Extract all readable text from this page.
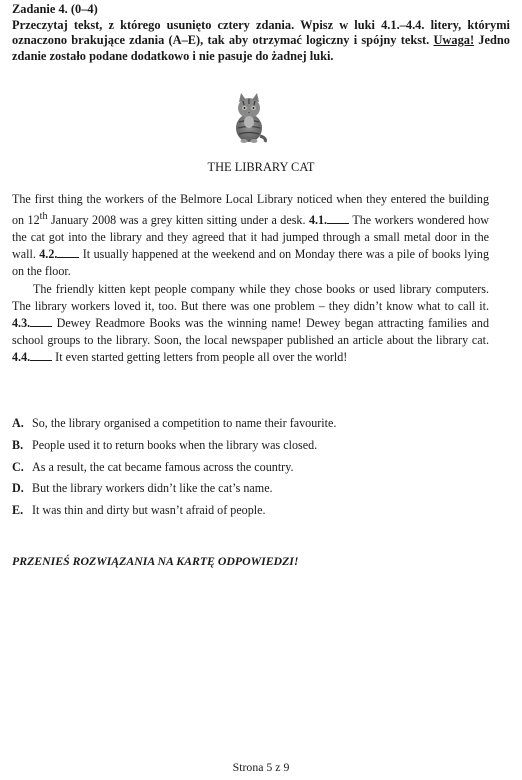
Zadanie 4. (0–4)

Przeczytaj tekst, z którego usunięto cztery zdania. Wpisz w luki 4.1.–4.4. litery, którymi oznaczono brakujące zdania (A–E), tak aby otrzymać logiczny i spójny tekst. Uwaga! Jedno zdanie zostało podane dodatkowo i nie pasuje do żadnej luki.

THE LIBRARY CAT

The first thing the workers of the Belmore Local Library noticed when they entered the building on 12th January 2008 was a grey kitten sitting under a desk. 4.1. The workers wondered how the cat got into the library and they agreed that it had jumped through a small metal door in the wall. 4.2. It usually happened at the weekend and on Monday there was a pile of books lying on the floor.

The friendly kitten kept people company while they chose books or used library computers. The library workers loved it, too. But there was one problem – they didn’t know what to call it. 4.3. Dewey Readmore Books was the winning name! Dewey began attracting families and school groups to the library. Soon, the local newspaper published an article about the library cat. 4.4. It even started getting letters from people all over the world!

A. So, the library organised a competition to name their favourite.
B. People used it to return books when the library was closed.
C. As a result, the cat became famous across the country.
D. But the library workers didn’t like the cat’s name.
E. It was thin and dirty but wasn’t afraid of people.
PRZENIEŚ ROZWIĄZANIA NA KARTĘ ODPOWIEDZI!
Strona 5 z 9
